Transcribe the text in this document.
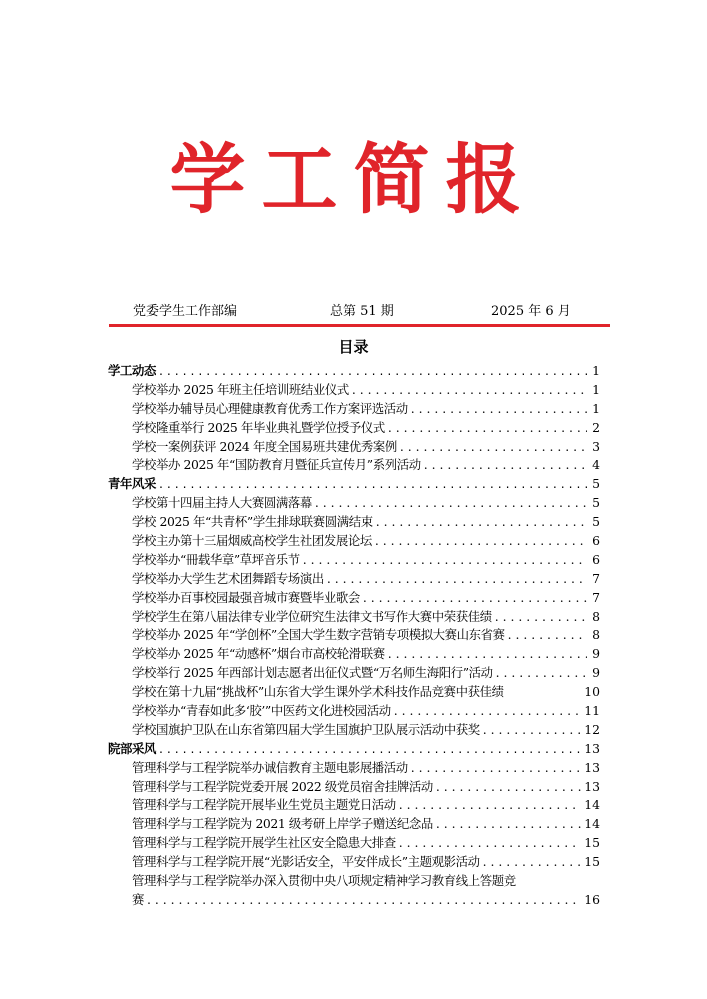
学工简报
党委学生工作部编	总第 51 期	2025 年 6 月
目录
学工动态 . . .	1
学校举办 2025 年班主任培训班结业仪式 . . .	1
学校举办辅导员心理健康教育优秀工作方案评选活动 . . .	1
学校隆重举行 2025 年毕业典礼暨学位授予仪式 . . .	2
学校一案例获评 2024 年度全国易班共建优秀案例 . . .	3
学校举办 2025 年“国防教育月暨征兵宣传月”系列活动 . . .	4
青年风采 . . .	5
学校第十四届主持人大赛圆满落幕 . . .	5
学校 2025 年“共青杯”学生排球联赛圆满结束 . . .	5
学校主办第十三届烟威高校学生社团发展论坛 . . .	6
学校举办“冊载华章”草坪音乐节 . . .	6
学校举办大学生艺术团舞蹈专场演出 . . .	7
学校举办百事校园最强音城市赛暨毕业歌会 . . .	7
学校学生在第八届法律专业学位研究生法律文书写作大赛中荣获佳绩 . . .	8
学校举办 2025 年“学创杯”全国大学生数字营销专项模拟大赛山东省赛 . . .	8
学校举办 2025 年“动感杯”烟台市高校轮滑联赛 . . .	9
学校举行 2025 年西部计划志愿者出征仪式暨“万名师生海阳行”活动 . . .	9
学校在第十九届“挑战杯”山东省大学生课外学术科技作品竞赛中获佳绩	10
学校举办“青春如此多‘胶’”中医药文化进校园活动 . . .	11
学校国旗护卫队在山东省第四届大学生国旗护卫队展示活动中获奖 . . .	12
院部采风 . . .	13
管理科学与工程学院举办诚信教育主题电影展播活动 . . .	13
管理科学与工程学院党委开展 2022 级党员宿舍挂牌活动 . . .	13
管理科学与工程学院开展毕业生党员主题党日活动 . . .	14
管理科学与工程学院为 2021 级考研上岸学子赠送纪念品 . . .	14
管理科学与工程学院开展学生社区安全隐患大排查 . . .	15
管理科学与工程学院开展“光影话安全，平安伴成长”主题观影活动 . . .	15
管理科学与工程学院举办深入贯彻中央八项规定精神学习教育线上答题竞
赛 . . .	16
